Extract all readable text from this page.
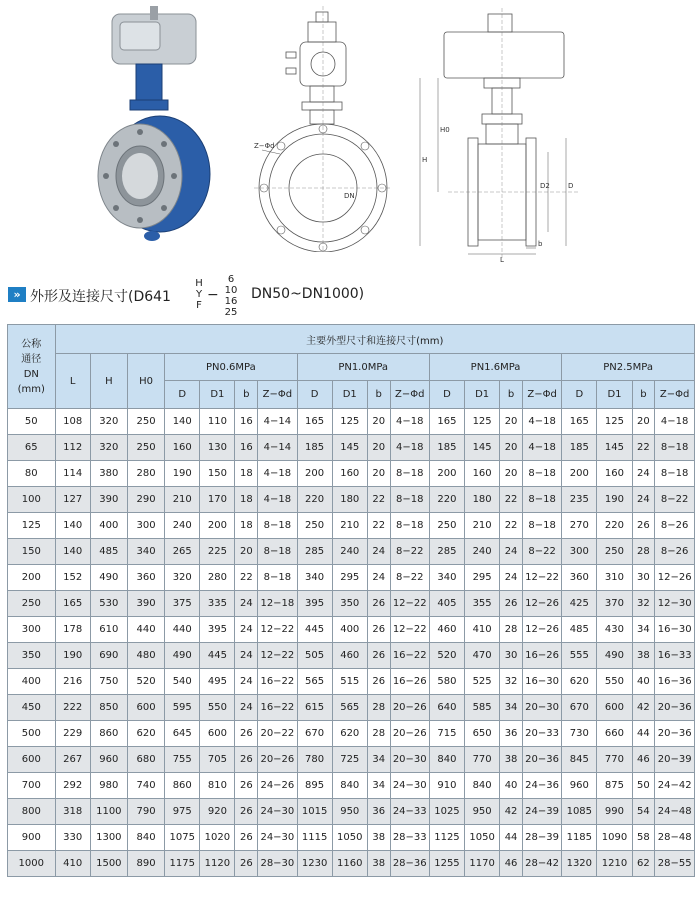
Z−Φd
DN
H
H0
D2	D
L
b
» 外形及连接尺寸(D641
H
Y
F
−
6
10
16
25
DN50~DN1000)
公称
通径
DN
(mm)	主要外型尺寸和连接尺寸(mm)																		
	L	H	H0	PN0.6MPa				PN1.0MPa				PN1.6MPa				PN2.5MPa			
				D	D1	b	Z−Φd	D	D1	b	Z−Φd	D	D1	b	Z−Φd	D	D1	b	Z−Φd
50	108	320	250	140	110	16	4−14	165	125	20	4−18	165	125	20	4−18	165	125	20	4−18
65	112	320	250	160	130	16	4−14	185	145	20	4−18	185	145	20	4−18	185	145	22	8−18
80	114	380	280	190	150	18	4−18	200	160	20	8−18	200	160	20	8−18	200	160	24	8−18
100	127	390	290	210	170	18	4−18	220	180	22	8−18	220	180	22	8−18	235	190	24	8−22
125	140	400	300	240	200	18	8−18	250	210	22	8−18	250	210	22	8−18	270	220	26	8−26
150	140	485	340	265	225	20	8−18	285	240	24	8−22	285	240	24	8−22	300	250	28	8−26
200	152	490	360	320	280	22	8−18	340	295	24	8−22	340	295	24	12−22	360	310	30	12−26
250	165	530	390	375	335	24	12−18	395	350	26	12−22	405	355	26	12−26	425	370	32	12−30
300	178	610	440	440	395	24	12−22	445	400	26	12−22	460	410	28	12−26	485	430	34	16−30
350	190	690	480	490	445	24	12−22	505	460	26	16−22	520	470	30	16−26	555	490	38	16−33
400	216	750	520	540	495	24	16−22	565	515	26	16−26	580	525	32	16−30	620	550	40	16−36
450	222	850	600	595	550	24	16−22	615	565	28	20−26	640	585	34	20−30	670	600	42	20−36
500	229	860	620	645	600	26	20−22	670	620	28	20−26	715	650	36	20−33	730	660	44	20−36
600	267	960	680	755	705	26	20−26	780	725	34	20−30	840	770	38	20−36	845	770	46	20−39
700	292	980	740	860	810	26	24−26	895	840	34	24−30	910	840	40	24−36	960	875	50	24−42
800	318	1100	790	975	920	26	24−30	1015	950	36	24−33	1025	950	42	24−39	1085	990	54	24−48
900	330	1300	840	1075	1020	26	24−30	1115	1050	38	28−33	1125	1050	44	28−39	1185	1090	58	28−48
1000	410	1500	890	1175	1120	26	28−30	1230	1160	38	28−36	1255	1170	46	28−42	1320	1210	62	28−55
